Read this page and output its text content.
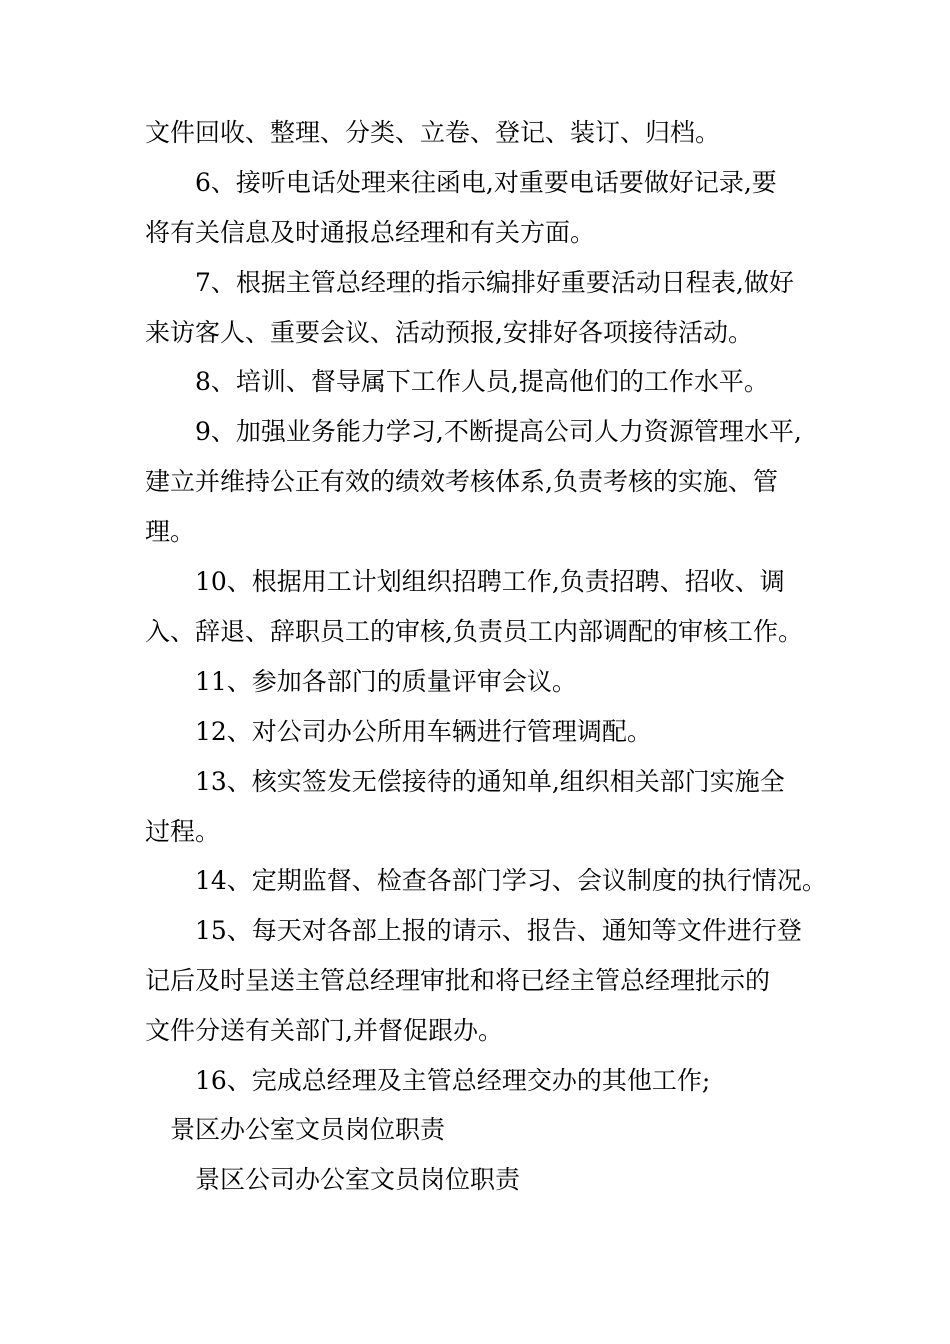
文件回收、整理、分类、立卷、登记、装订、归档。
6、接听电话处理来往函电,对重要电话要做好记录,要
将有关信息及时通报总经理和有关方面。
7、根据主管总经理的指示编排好重要活动日程表,做好
来访客人、重要会议、活动预报,安排好各项接待活动。
8、培训、督导属下工作人员,提高他们的工作水平。
9、加强业务能力学习,不断提高公司人力资源管理水平,
建立并维持公正有效的绩效考核体系,负责考核的实施、管
理。
10、根据用工计划组织招聘工作,负责招聘、招收、调
入、辞退、辞职员工的审核,负责员工内部调配的审核工作。
11、参加各部门的质量评审会议。
12、对公司办公所用车辆进行管理调配。
13、核实签发无偿接待的通知单,组织相关部门实施全
过程。
14、定期监督、检查各部门学习、会议制度的执行情况。
15、每天对各部上报的请示、报告、通知等文件进行登
记后及时呈送主管总经理审批和将已经主管总经理批示的
文件分送有关部门,并督促跟办。
16、完成总经理及主管总经理交办的其他工作;
景区办公室文员岗位职责
景区公司办公室文员岗位职责
